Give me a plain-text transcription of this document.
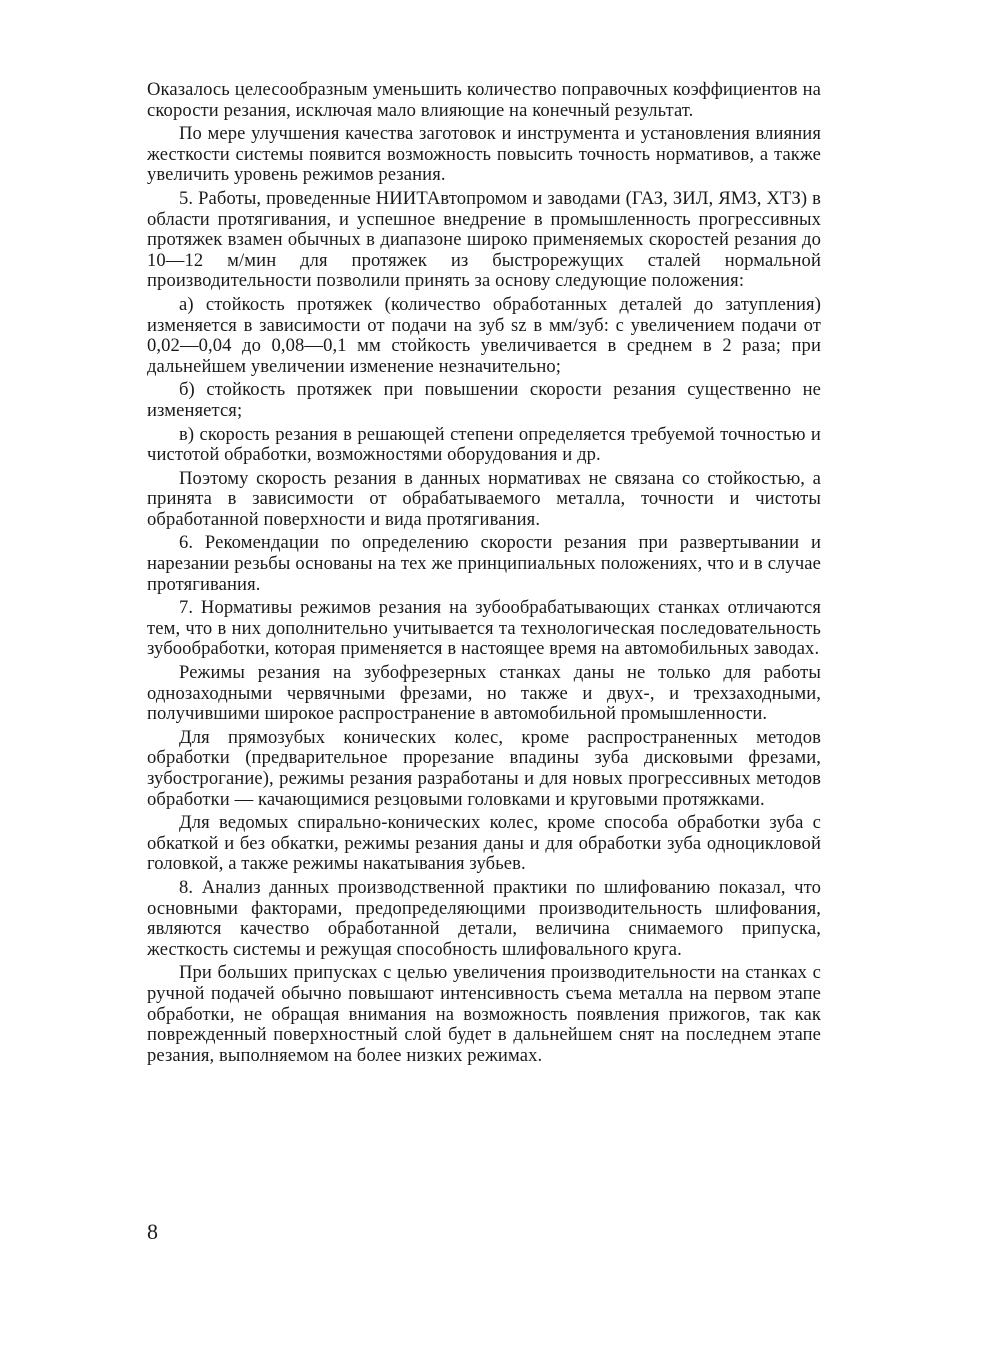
Оказалось целесообразным уменьшить количество поправочных коэффициентов на скорости резания, исключая мало влияющие на конечный результат.

По мере улучшения качества заготовок и инструмента и установления влияния жесткости системы появится возможность повысить точность нормативов, а также увеличить уровень режимов резания.

5. Работы, проведенные НИИТАвтопромом и заводами (ГАЗ, ЗИЛ, ЯМЗ, ХТЗ) в области протягивания, и успешное внедрение в промышленность прогрессивных протяжек взамен обычных в диапазоне широко применяемых скоростей резания до 10—12 м/мин для протяжек из быстрорежущих сталей нормальной производительности позволили принять за основу следующие положения:

а) стойкость протяжек (количество обработанных деталей до затупления) изменяется в зависимости от подачи на зуб sz в мм/зуб: с увеличением подачи от 0,02—0,04 до 0,08—0,1 мм стойкость увеличивается в среднем в 2 раза; при дальнейшем увеличении изменение незначительно;

б) стойкость протяжек при повышении скорости резания существенно не изменяется;

в) скорость резания в решающей степени определяется требуемой точностью и чистотой обработки, возможностями оборудования и др.

Поэтому скорость резания в данных нормативах не связана со стойкостью, а принята в зависимости от обрабатываемого металла, точности и чистоты обработанной поверхности и вида протягивания.

6. Рекомендации по определению скорости резания при развертывании и нарезании резьбы основаны на тех же принципиальных положениях, что и в случае протягивания.

7. Нормативы режимов резания на зубообрабатывающих станках отличаются тем, что в них дополнительно учитывается та технологическая последовательность зубообработки, которая применяется в настоящее время на автомобильных заводах.

Режимы резания на зубофрезерных станках даны не только для работы однозаходными червячными фрезами, но также и двух-, и трехзаходными, получившими широкое распространение в автомобильной промышленности.

Для прямозубых конических колес, кроме распространенных методов обработки (предварительное прорезание впадины зуба дисковыми фрезами, зубострогание), режимы резания разработаны и для новых прогрессивных методов обработки — качающимися резцовыми головками и круговыми протяжками.

Для ведомых спирально-конических колес, кроме способа обработки зуба с обкаткой и без обкатки, режимы резания даны и для обработки зуба одноцикловой головкой, а также режимы накатывания зубьев.

8. Анализ данных производственной практики по шлифованию показал, что основными факторами, предопределяющими производительность шлифования, являются качество обработанной детали, величина снимаемого припуска, жесткость системы и режущая способность шлифовального круга.

При больших припусках с целью увеличения производительности на станках с ручной подачей обычно повышают интенсивность съема металла на первом этапе обработки, не обращая внимания на возможность появления прижогов, так как поврежденный поверхностный слой будет в дальнейшем снят на последнем этапе резания, выполняемом на более низких режимах.

8
